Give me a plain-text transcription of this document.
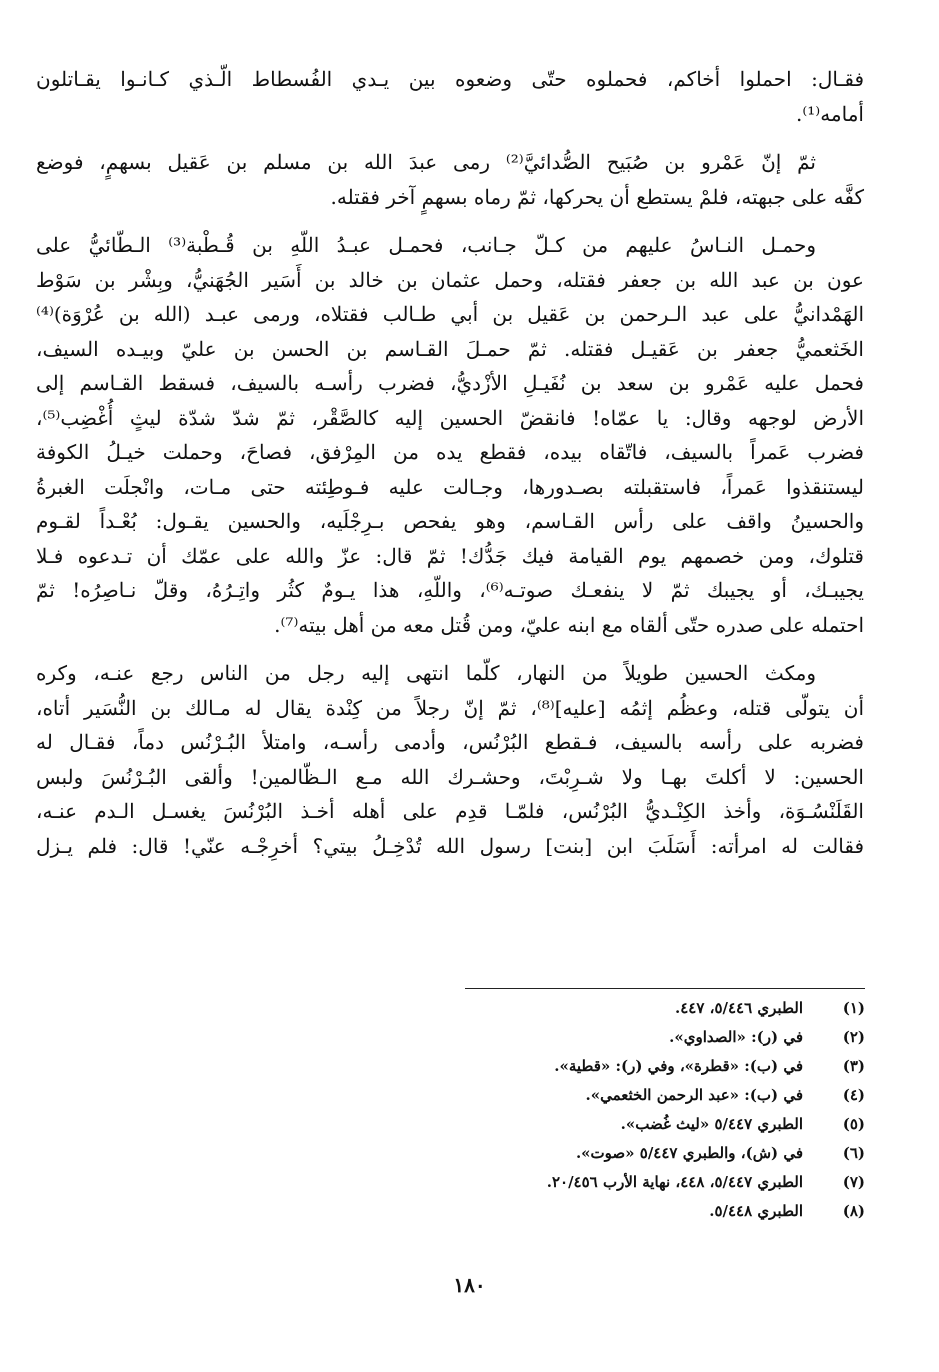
فقـال: احملوا أخاكم، فحملوه حتّى وضعوه بين يـدي الفُسطاط الّـذي كـانـوا يقـاتلون
أمامه⁽¹⁾.
ثمّ إنّ عَمْرو بن صُبَيح الصُّدائيَّ⁽²⁾ رمى عبدَ الله بن مسلم بن عَقيل بسهمٍ، فوضع
كفَّه على جبهته، فلمْ يستطع أن يحركها، ثمّ رماه بسهمٍ آخر فقتله.
وحمـل النـاسُ عليهم من كـلّ جـانب، فحمـل عبـدُ اللّهِ بن قُـطْبة⁽³⁾ الـطّائيُّ على
عون بن عبد الله بن جعفر فقتله، وحمل عثمان بن خالد بن أَسَير الجُهَنيُّ، وبِشْر بن سَوْط
الهَمْدانيُّ على عبد الـرحمن بن عَقيل بن أبي طـالب فقتلاه، ورمى عبـد (الله بن عُرْوَة)⁽⁴⁾
الخَثعميُّ جعفر بن عَقيـل فقتله. ثمّ حمـلَ القـاسم بن الحسن بن عليّ وبيـده السيف،
فحمل عليه عَمْرو بن سعد بن نُفَيـلِ الأزْديُّ، فضرب رأسـه بالسيف، فسقط القـاسم إلى
الأرض لوجهه وقال: يا عمّاه! فانقضّ الحسين إليه كالصَّقْر، ثمّ شدّ شدّة ليثٍ أُغْضِب⁽⁵⁾،
فضرب عَمراً بالسيف، فاتّقاه بيده، فقطع يده من المِرْفق، فصاحَ، وحملت خيـلُ الكوفة
ليستنقذوا عَمراً، فاستقبلته بصـدورها، وجـالت عليه فـوطِئته حتى مـات، وانْجلَت الغبرةُ
والحسينُ واقف على رأس القـاسم، وهو يفحص بـرِجْلَيه، والحسين يقـول: بُعْـداً لقـوم
قتلوك، ومن خصمهم يوم القيامة فيك جَدُّك! ثمّ قال: عزّ والله على عمّك أن تـدعوه فـلا
يجيبـك، أو يجيبك ثمّ لا ينفعـك صوتـه⁽⁶⁾، واللّهِ، هذا يـومٌ كثُر واتِـرُهُ، وقلّ نـاصِرُه! ثمّ
احتمله على صدره حتّى ألقاه مع ابنه عليّ، ومن قُتل معه من أهل بيته⁽⁷⁾.
ومكث الحسين طويلاً من النهار، كلّما انتهى إليه رجل من الناس رجع عنـه، وكره
أن يتولّى قتله، وعظُم إثمُه [عليه]⁽⁸⁾، ثمّ إنّ رجلاً من كِنْدة يقال له مـالك بن النُّسَير أتاه،
فضربه على رأسه بالسيف، فـقطع البُرْنُس، وأدمى رأسـه، وامتلأ البُـرْنُس دماً، فقـال له
الحسين: لا أكلتَ بهـا ولا شـرِبْتَ، وحشـرك الله مـع الـظّالمين! وألقى البُـرْنُسَ ولبس
القَلَنْسُـوَة، وأخذ الكِنْـديُّ البُرْنُس، فلمّـا قدِم على أهله أخـذ البُرْنُسَ يغسـل الـدم عنـه،
فقالت له امرأته: أَسَلَبَ ابن [بنت] رسول الله تُدْخِـلُ بيتي؟ أخرِجْـه عنّي! قال: فلم يـزل
(١)
الطبري ٥/٤٤٦، ٤٤٧.
(٢)
في (ر): «الصداوي».
(٣)
في (ب): «قطرة»، وفي (ر): «قطية».
(٤)
في (ب): «عبد الرحمن الخثعمي».
(٥)
الطبري ٥/٤٤٧ «ليث غُضب».
(٦)
في (ش)، والطبري ٥/٤٤٧ «صوت».
(٧)
الطبري ٥/٤٤٧، ٤٤٨، نهاية الأرب ٢٠/٤٥٦.
(٨)
الطبري ٥/٤٤٨.
١٨٠
